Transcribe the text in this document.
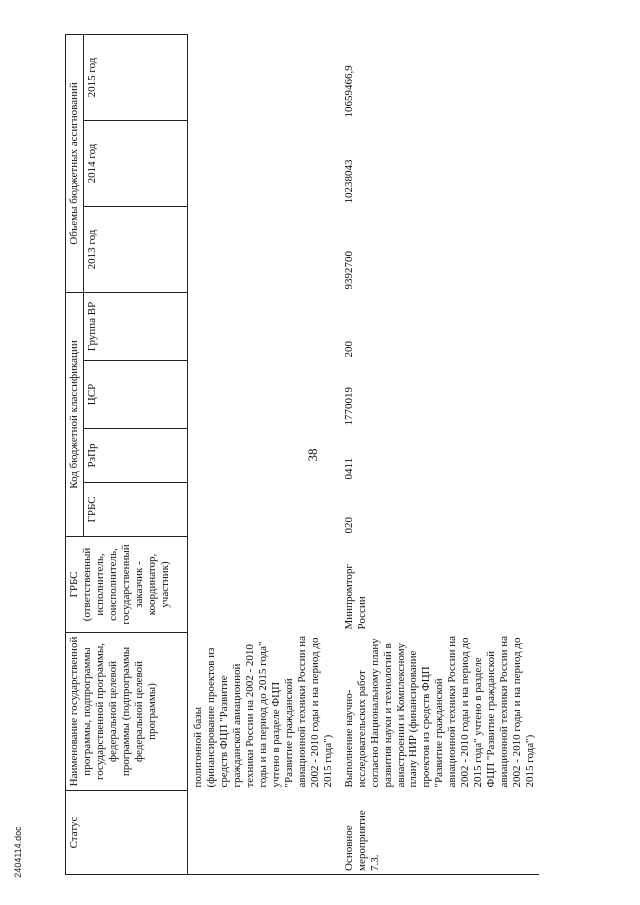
38
Статус	Наименование государственной программы, подпрограммы государственной программы, федеральной целевой программы (подпрограммы федеральной целевой программы)	ГРБС (ответственный исполнитель, соисполнитель, государственный заказчик - координатор, участник)	Код бюджетной классификации				Объемы бюджетных ассигнований		
			ГРБС	РзПр	ЦСР	Группа ВР	2013 год	2014 год	2015 год
	полигонной базы (финансирование проектов из средств ФЦП "Развитие гражданской авиационной техники России на 2002 - 2010 годы и на период до 2015 года" учтено в разделе ФЦП "Развитие гражданской авиационной техники России на 2002 - 2010 годы и на период до 2015 года")								
Основное мероприятие 7.3.	Выполнение научно-исследовательских работ согласно Национальному плану развития науки и технологий в авиастроении и Комплексному плану НИР (финансирование проектов из средств ФЦП "Развитие гражданской авиационной техники России на 2002 - 2010 годы и на период до 2015 года" учтено в разделе ФЦП "Развитие гражданской авиационной техники России на 2002 - 2010 годы и на период до 2015 года")	Минпромторг России	020	0411	1770019	200	9392700	10238043	10659466,9
2404114.doc
